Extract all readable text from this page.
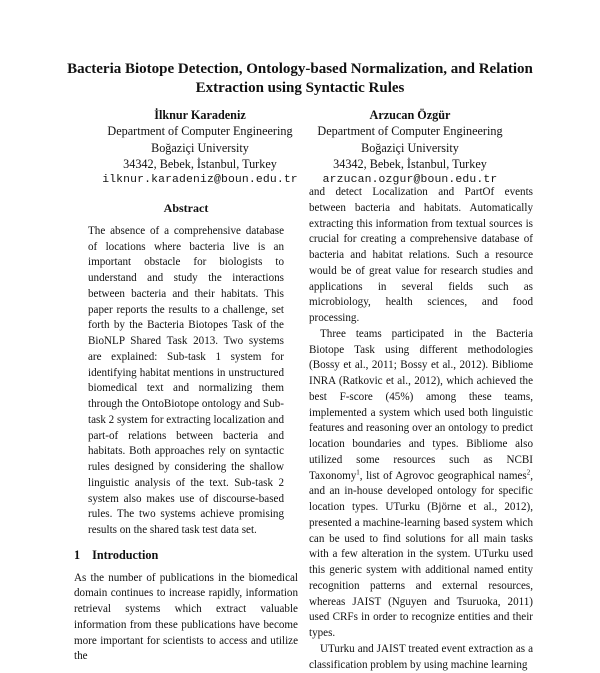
Bacteria Biotope Detection, Ontology-based Normalization, and Relation Extraction using Syntactic Rules
İlknur Karadeniz
Department of Computer Engineering
Boğaziçi University
34342, Bebek, İstanbul, Turkey
ilknur.karadeniz@boun.edu.tr
Arzucan Özgür
Department of Computer Engineering
Boğaziçi University
34342, Bebek, İstanbul, Turkey
arzucan.ozgur@boun.edu.tr
Abstract

The absence of a comprehensive database of locations where bacteria live is an important obstacle for biologists to understand and study the interactions between bacteria and their habitats. This paper reports the results to a challenge, set forth by the Bacteria Biotopes Task of the BioNLP Shared Task 2013. Two systems are explained: Sub-task 1 system for identifying habitat mentions in unstructured biomedical text and normalizing them through the OntoBiotope ontology and Sub-task 2 system for extracting localization and part-of relations between bacteria and habitats. Both approaches rely on syntactic rules designed by considering the shallow linguistic analysis of the text. Sub-task 2 system also makes use of discourse-based rules. The two systems achieve promising results on the shared task test data set.

1 Introduction

As the number of publications in the biomedical domain continues to increase rapidly, information retrieval systems which extract valuable information from these publications have become more important for scientists to access and utilize the

and detect Localization and PartOf events between bacteria and habitats. Automatically extracting this information from textual sources is crucial for creating a comprehensive database of bacteria and habitat relations. Such a resource would be of great value for research studies and applications in several fields such as microbiology, health sciences, and food processing.

Three teams participated in the Bacteria Biotope Task using different methodologies (Bossy et al., 2011; Bossy et al., 2012). Bibliome INRA (Ratkovic et al., 2012), which achieved the best F-score (45%) among these teams, implemented a system which used both linguistic features and reasoning over an ontology to predict location boundaries and types. Bibliome also utilized some resources such as NCBI Taxonomy$^1$, list of Agrovoc geographical names$^2$, and an in-house developed ontology for specific location types. UTurku (Björne et al., 2012), presented a machine-learning based system which can be used to find solutions for all main tasks with a few alteration in the system. UTurku used this generic system with additional named entity recognition patterns and external resources, whereas JAIST (Nguyen and Tsuruoka, 2011) used CRFs in order to recognize entities and their types.

UTurku and JAIST treated event extraction as a classification problem by using machine learning
